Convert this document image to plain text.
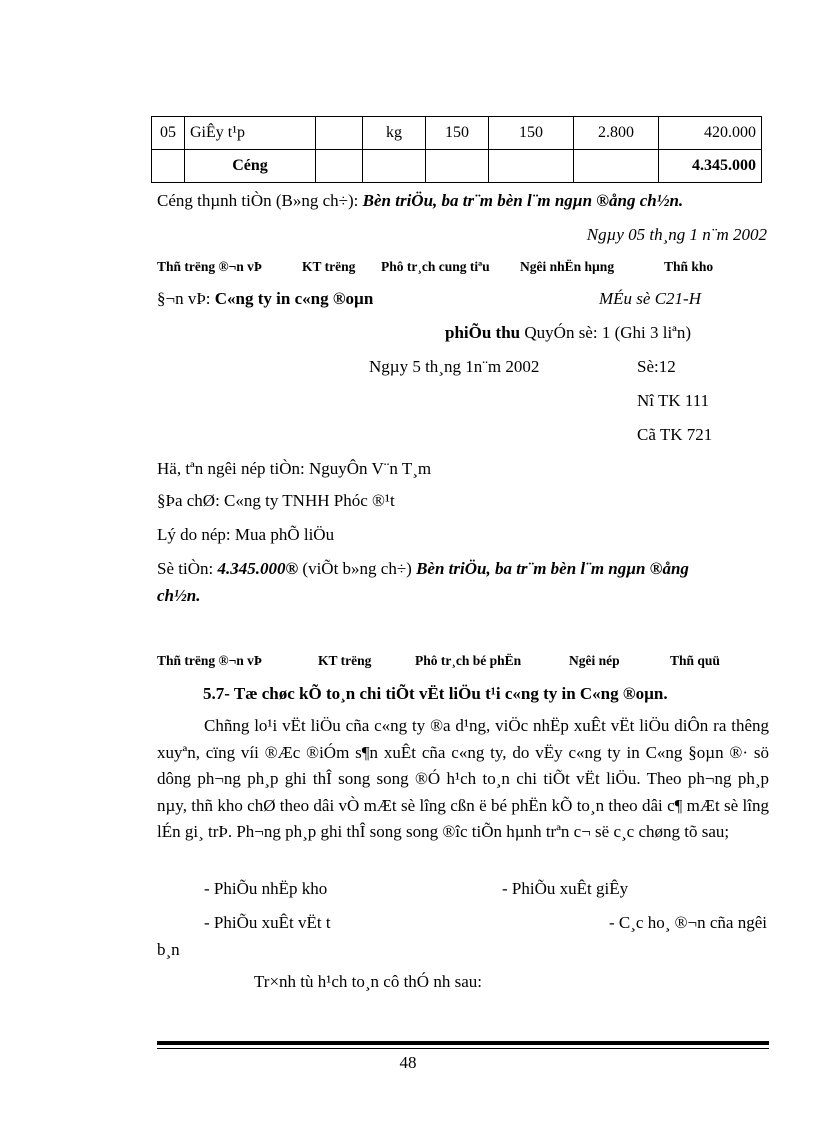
05	GiÊy t¹p		kg	150	150	2.800	420.000
	Céng						4.345.000
Céng thµnh tiÒn (B»ng ch÷): Bèn triÖu, ba tr¨m bèn l¨m ngµn ®ång ch½n.
Ngµy 05 th¸ng 1 n¨m 2002
Thñ trëng ®¬n vÞ	KT trëng Phô tr¸ch cung tiªu Ngêi nhËn hµng	Thñ kho
§¬n vÞ: C«ng ty in c«ng ®oµn	MÉu sè C21-H
phiÕu thu QuyÓn sè: 1 (Ghi 3 liªn)
Ngµy 5 th¸ng 1n¨m 2002	Sè:12
Nî TK 111
Cã TK 721
Hä, tªn ngêi nép tiÒn: NguyÔn V¨n T¸m
§Þa chØ: C«ng ty TNHH Phóc ®¹t
Lý do nép: Mua phÕ liÖu
Sè tiÒn: 4.345.000® (viÕt b»ng ch÷) Bèn triÖu, ba tr¨m bèn l¨m ngµn ®ång
ch½n.
Thñ trëng ®¬n vÞ	KT trëng	Phô tr¸ch bé phËn	Ngêi nép	Thñ quü
5.7- Tæ chøc kÕ to¸n chi tiÕt vËt liÖu t¹i c«ng ty in C«ng ®oµn.
Chñng lo¹i vËt liÖu cña c«ng ty ®a d¹ng, viÖc nhËp xuÊt vËt liÖu diÔn ra thêng xuyªn, cïng víi ®Æc ®iÓm s¶n xuÊt cña c«ng ty, do vËy c«ng ty in C«ng §oµn ®· sö dông ph¬ng ph¸p ghi thÎ song song ®Ó h¹ch to¸n chi tiÕt vËt liÖu. Theo ph¬ng ph¸p nµy, thñ kho chØ theo dâi vÒ mÆt sè lîng cßn ë bé phËn kÕ to¸n theo dâi c¶ mÆt sè lîng lÉn gi¸ trÞ. Ph¬ng ph¸p ghi thÎ song song ®îc tiÕn hµnh trªn c¬ së c¸c chøng tõ sau;
- PhiÕu nhËp kho	- PhiÕu xuÊt giÊy
- PhiÕu xuÊt vËt t	- C¸c ho¸ ®¬n cña ngêi
b¸n
Tr×nh tù h¹ch to¸n cô thÓ nh sau:
48
